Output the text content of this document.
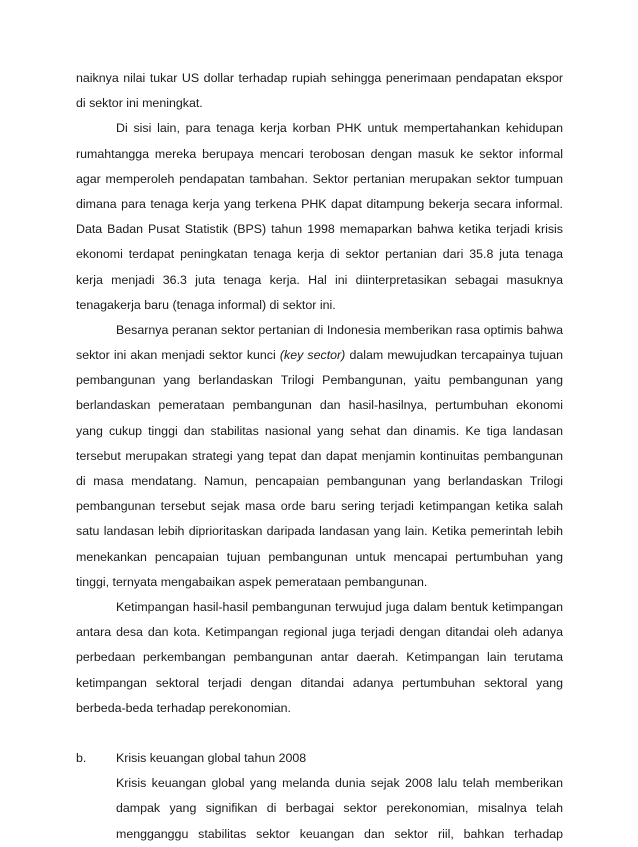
naiknya nilai tukar US dollar terhadap rupiah sehingga penerimaan pendapatan ekspor
di sektor ini meningkat.
Di sisi lain, para tenaga kerja korban PHK untuk mempertahankan kehidupan
rumahtangga mereka berupaya mencari terobosan dengan masuk ke sektor informal
agar memperoleh pendapatan tambahan. Sektor pertanian merupakan sektor tumpuan
dimana para tenaga kerja yang terkena PHK dapat ditampung bekerja secara informal.
Data Badan Pusat Statistik (BPS) tahun 1998 memaparkan bahwa ketika terjadi krisis
ekonomi terdapat peningkatan tenaga kerja di sektor pertanian dari 35.8 juta tenaga
kerja menjadi 36.3 juta tenaga kerja. Hal ini diinterpretasikan sebagai masuknya
tenagakerja baru (tenaga informal) di sektor ini.
Besarnya peranan sektor pertanian di Indonesia memberikan rasa optimis bahwa
sektor ini akan menjadi sektor kunci (key sector) dalam mewujudkan tercapainya tujuan
pembangunan yang berlandaskan Trilogi Pembangunan, yaitu pembangunan yang
berlandaskan pemerataan pembangunan dan hasil-hasilnya, pertumbuhan ekonomi
yang cukup tinggi dan stabilitas nasional yang sehat dan dinamis. Ke tiga landasan
tersebut merupakan strategi yang tepat dan dapat menjamin kontinuitas pembangunan
di masa mendatang. Namun, pencapaian pembangunan yang berlandaskan Trilogi
pembangunan tersebut sejak masa orde baru sering terjadi ketimpangan ketika salah
satu landasan lebih diprioritaskan daripada landasan yang lain. Ketika pemerintah lebih
menekankan pencapaian tujuan pembangunan untuk mencapai pertumbuhan yang
tinggi, ternyata mengabaikan aspek pemerataan pembangunan.
Ketimpangan hasil-hasil pembangunan terwujud juga dalam bentuk ketimpangan
antara desa dan kota. Ketimpangan regional juga terjadi dengan ditandai oleh adanya
perbedaan perkembangan pembangunan antar daerah. Ketimpangan lain terutama
ketimpangan sektoral terjadi dengan ditandai adanya pertumbuhan sektoral yang
berbeda-beda terhadap perekonomian.
b. Krisis keuangan global tahun 2008
Krisis keuangan global yang melanda dunia sejak 2008 lalu telah memberikan
dampak yang signifikan di berbagai sektor perekonomian, misalnya telah
mengganggu stabilitas sektor keuangan dan sektor riil, bahkan terhadap
